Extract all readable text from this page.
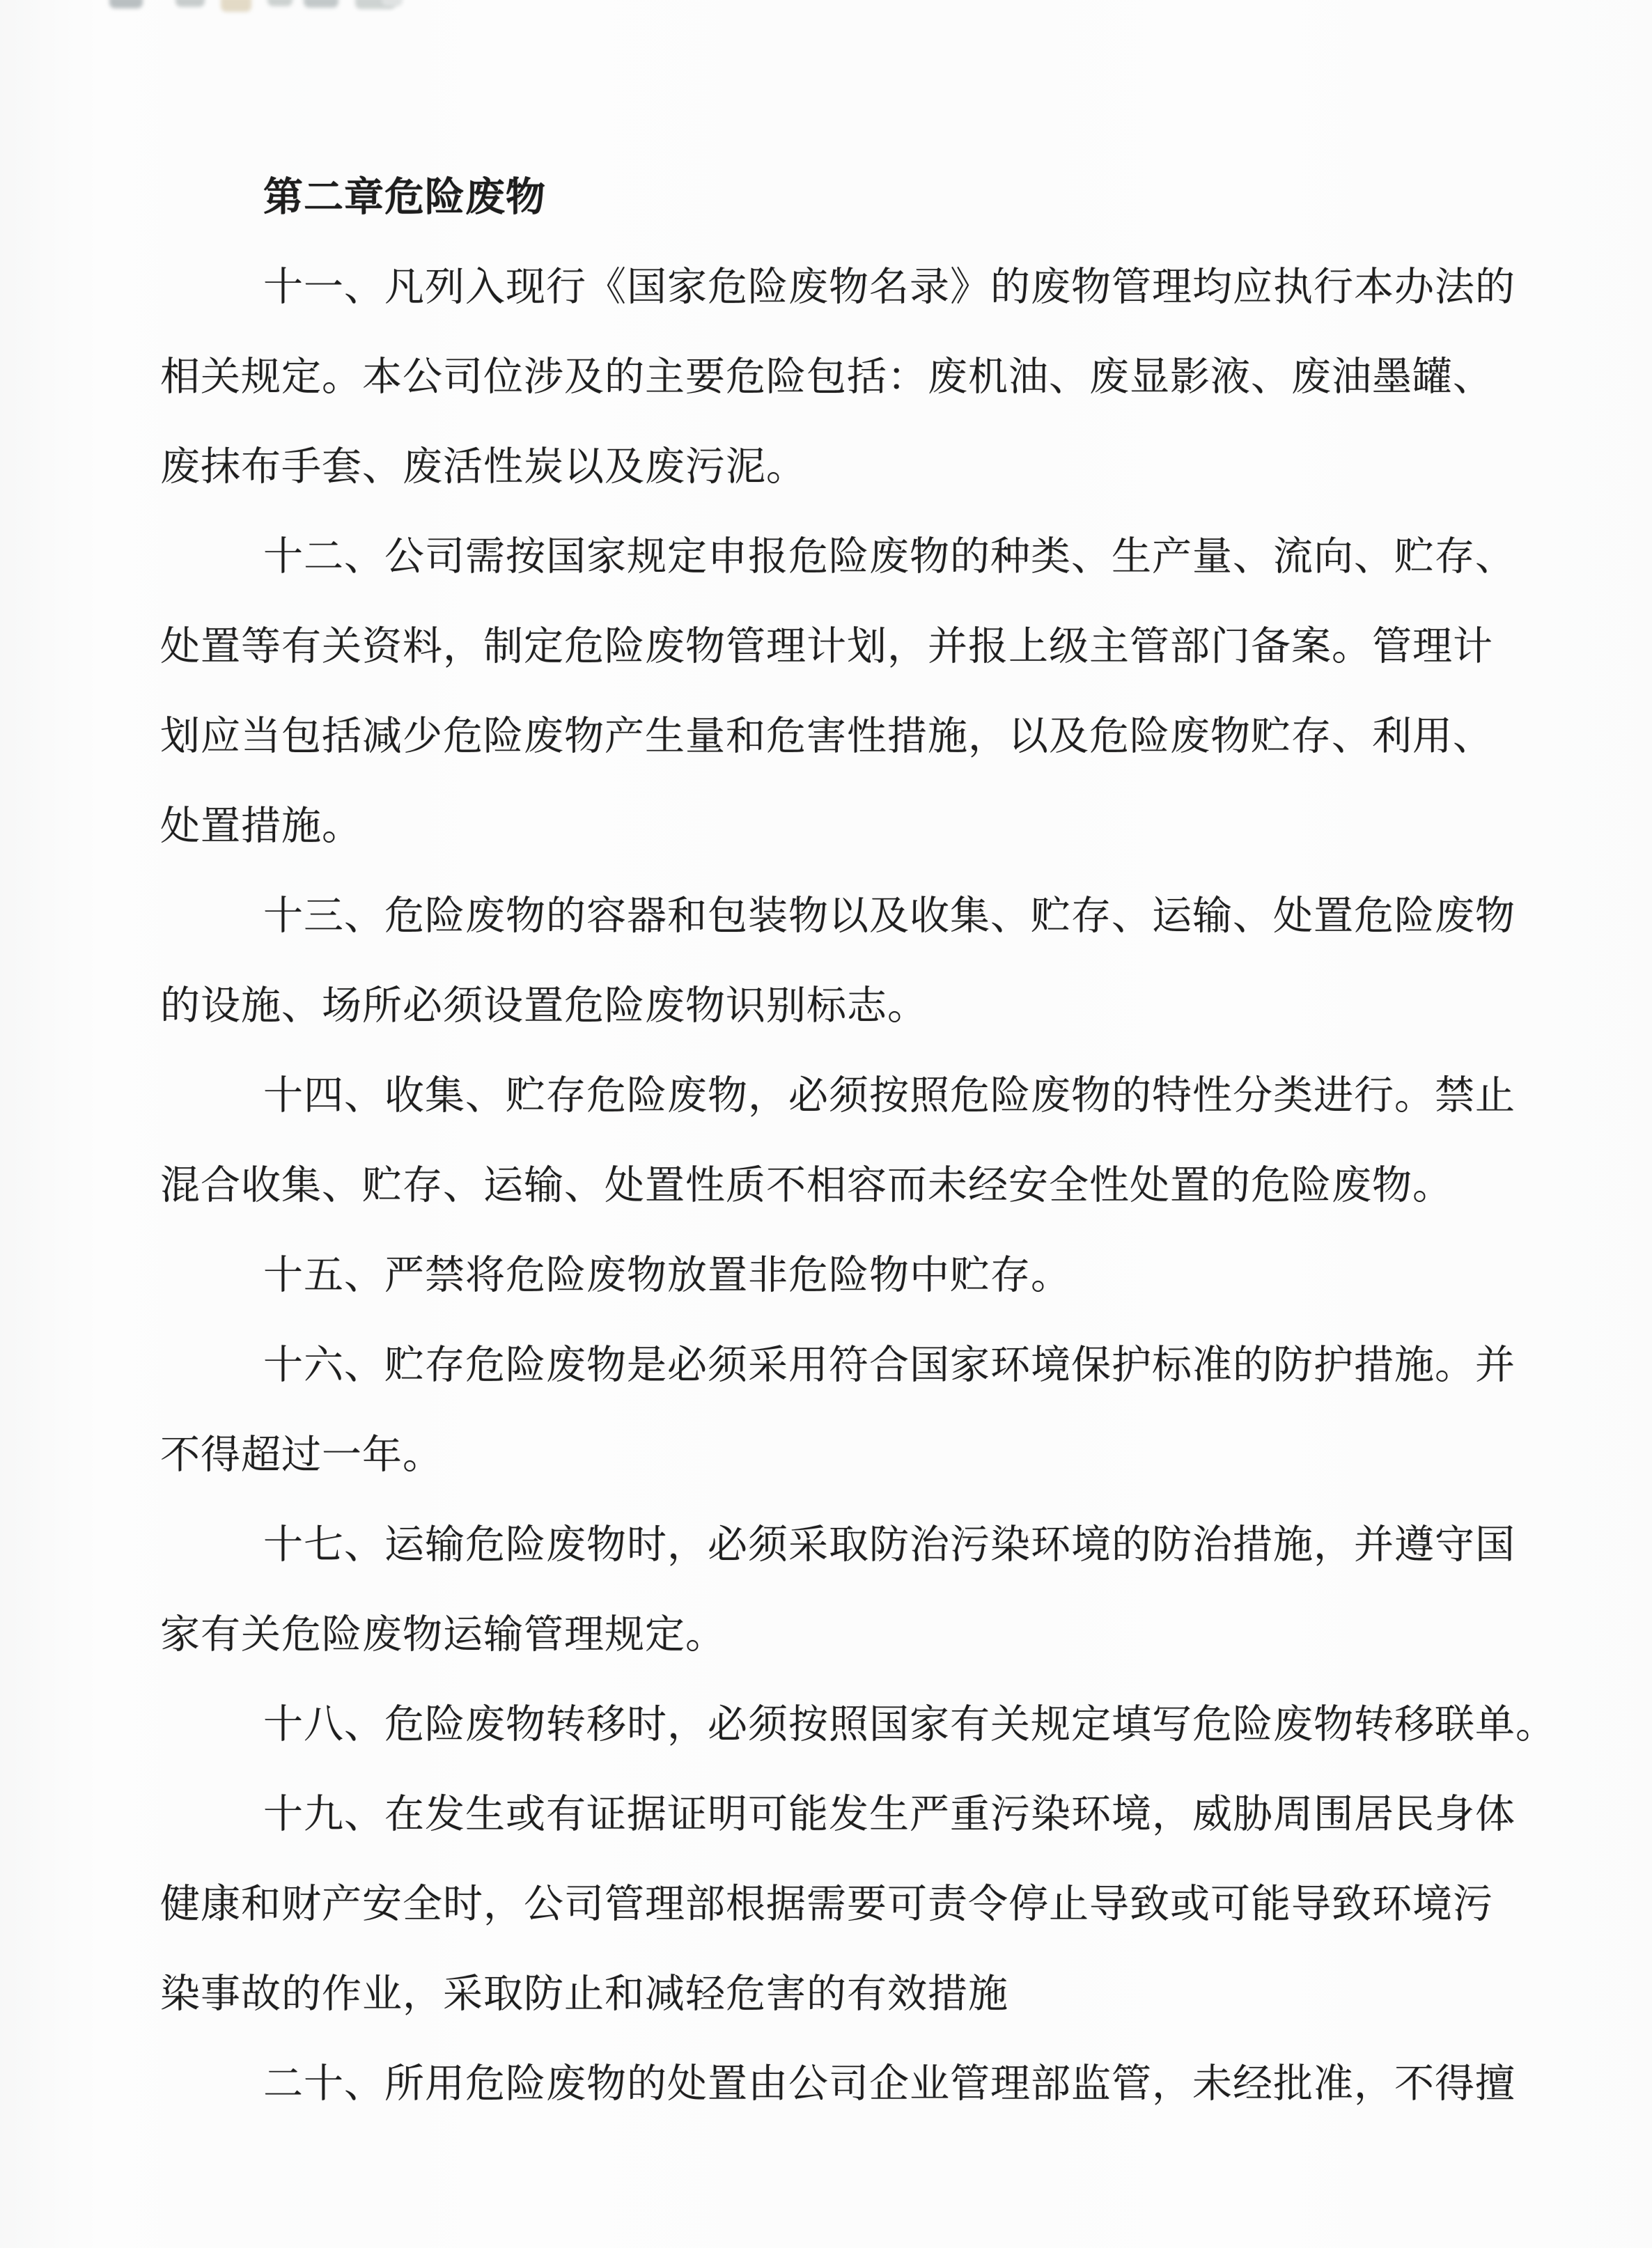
第二章危险废物
十一、凡列入现行《国家危险废物名录》的废物管理均应执行本办法的
相关规定。本公司位涉及的主要危险包括：废机油、废显影液、废油墨罐、
废抹布手套、废活性炭以及废污泥。
十二、公司需按国家规定申报危险废物的种类、生产量、流向、贮存、
处置等有关资料，制定危险废物管理计划，并报上级主管部门备案。管理计
划应当包括减少危险废物产生量和危害性措施，以及危险废物贮存、利用、
处置措施。
十三、危险废物的容器和包装物以及收集、贮存、运输、处置危险废物
的设施、场所必须设置危险废物识别标志。
十四、收集、贮存危险废物，必须按照危险废物的特性分类进行。禁止
混合收集、贮存、运输、处置性质不相容而未经安全性处置的危险废物。
十五、严禁将危险废物放置非危险物中贮存。
十六、贮存危险废物是必须采用符合国家环境保护标准的防护措施。并
不得超过一年。
十七、运输危险废物时，必须采取防治污染环境的防治措施，并遵守国
家有关危险废物运输管理规定。
十八、危险废物转移时，必须按照国家有关规定填写危险废物转移联单。
十九、在发生或有证据证明可能发生严重污染环境，威胁周围居民身体
健康和财产安全时，公司管理部根据需要可责令停止导致或可能导致环境污
染事故的作业，采取防止和减轻危害的有效措施
二十、所用危险废物的处置由公司企业管理部监管，未经批准，不得擅
